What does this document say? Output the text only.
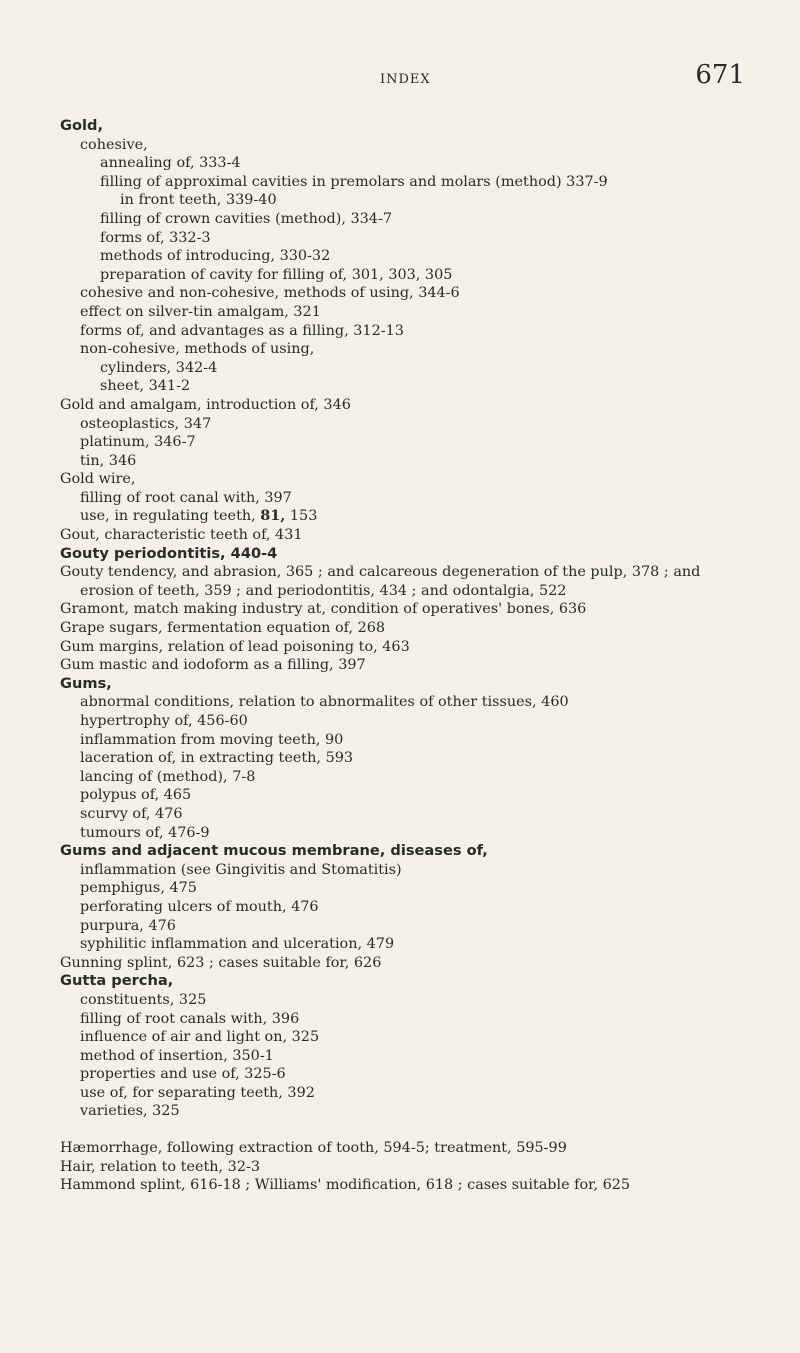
INDEX	671
Gold,
cohesive,
annealing of, 333-4
filling of approximal cavities in premolars and molars (method) 337-9
in front teeth, 339-40
filling of crown cavities (method), 334-7
forms of, 332-3
methods of introducing, 330-32
preparation of cavity for filling of, 301, 303, 305
cohesive and non-cohesive, methods of using, 344-6
effect on silver-tin amalgam, 321
forms of, and advantages as a filling, 312-13
non-cohesive, methods of using,
cylinders, 342-4
sheet, 341-2
Gold and amalgam, introduction of, 346
osteoplastics, 347
platinum, 346-7
tin, 346
Gold wire,
filling of root canal with, 397
use, in regulating teeth, 81, 153
Gout, characteristic teeth of, 431
Gouty periodontitis, 440-4
Gouty tendency, and abrasion, 365 ; and calcareous degeneration of the pulp, 378 ; and erosion of teeth, 359 ; and periodontitis, 434 ; and odontalgia, 522
Gramont, match making industry at, condition of operatives' bones, 636
Grape sugars, fermentation equation of, 268
Gum margins, relation of lead poisoning to, 463
Gum mastic and iodoform as a filling, 397
Gums,
abnormal conditions, relation to abnormalites of other tissues, 460
hypertrophy of, 456-60
inflammation from moving teeth, 90
laceration of, in extracting teeth, 593
lancing of (method), 7-8
polypus of, 465
scurvy of, 476
tumours of, 476-9
Gums and adjacent mucous membrane, diseases of,
inflammation (see Gingivitis and Stomatitis)
pemphigus, 475
perforating ulcers of mouth, 476
purpura, 476
syphilitic inflammation and ulceration, 479
Gunning splint, 623 ; cases suitable for, 626
Gutta percha,
constituents, 325
filling of root canals with, 396
influence of air and light on, 325
method of insertion, 350-1
properties and use of, 325-6
use of, for separating teeth, 392
varieties, 325
Hæmorrhage, following extraction of tooth, 594-5; treatment, 595-99
Hair, relation to teeth, 32-3
Hammond splint, 616-18 ; Williams' modification, 618 ; cases suitable for, 625
